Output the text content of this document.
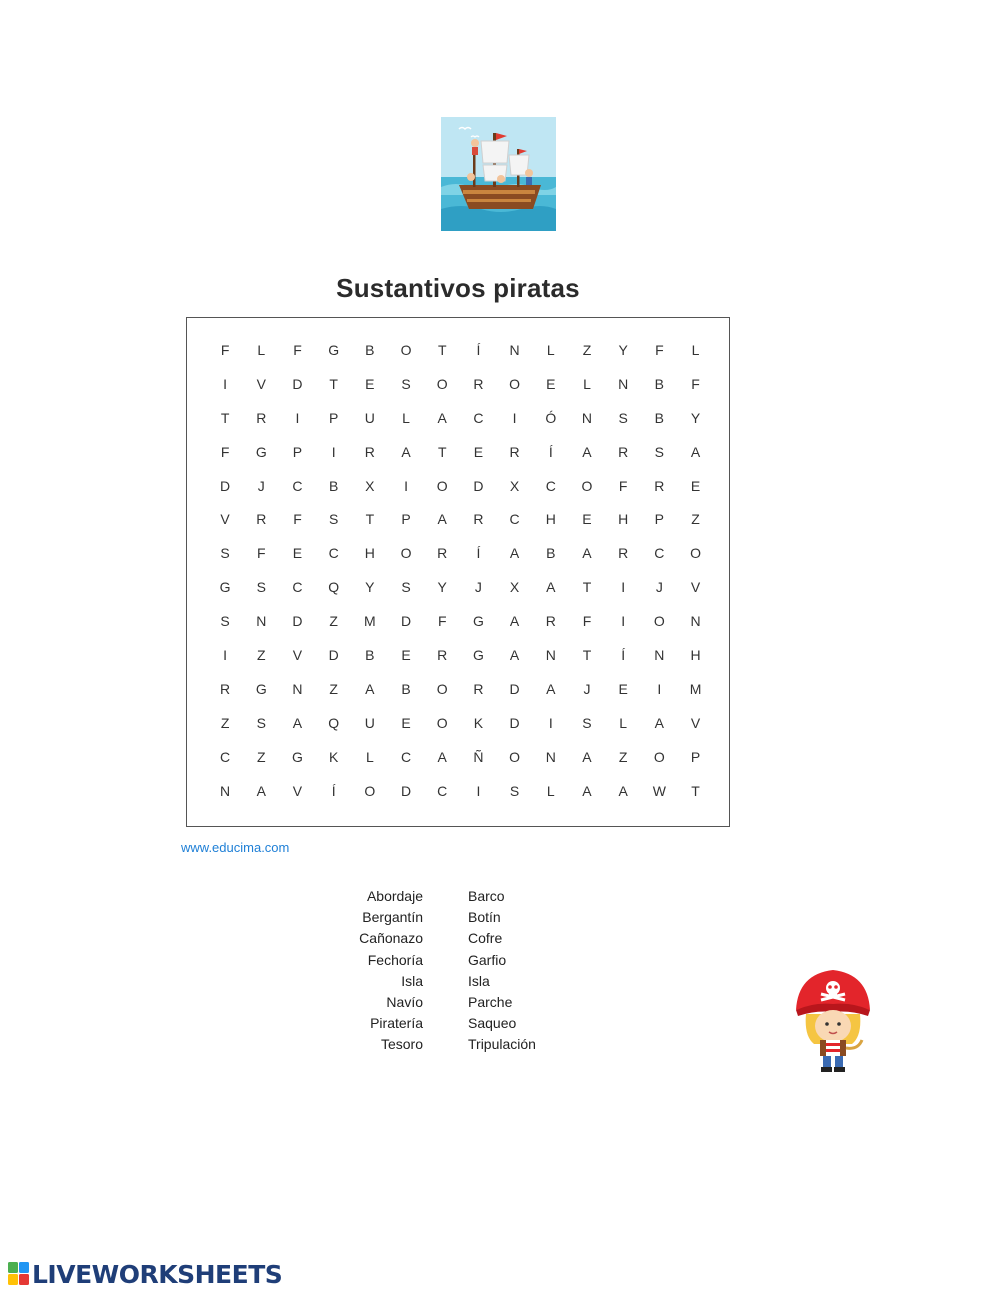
Sustantivos piratas
F	L	F	G	B	O	T	Í	N	L	Z	Y	F	L
I	V	D	T	E	S	O	R	O	E	L	N	B	F
T	R	I	P	U	L	A	C	I	Ó	N	S	B	Y
F	G	P	I	R	A	T	E	R	Í	A	R	S	A
D	J	C	B	X	I	O	D	X	C	O	F	R	E
V	R	F	S	T	P	A	R	C	H	E	H	P	Z
S	F	E	C	H	O	R	Í	A	B	A	R	C	O
G	S	C	Q	Y	S	Y	J	X	A	T	I	J	V
S	N	D	Z	M	D	F	G	A	R	F	I	O	N
I	Z	V	D	B	E	R	G	A	N	T	Í	N	H
R	G	N	Z	A	B	O	R	D	A	J	E	I	M
Z	S	A	Q	U	E	O	K	D	I	S	L	A	V
C	Z	G	K	L	C	A	Ñ	O	N	A	Z	O	P
N	A	V	Í	O	D	C	I	S	L	A	A	W	T
www.educima.com
Abordaje
Bergantín
Cañonazo
Fechoría
Isla
Navío
Piratería
Tesoro
Barco
Botín
Cofre
Garfio
Isla
Parche
Saqueo
Tripulación
LIVEWORKSHEETS
